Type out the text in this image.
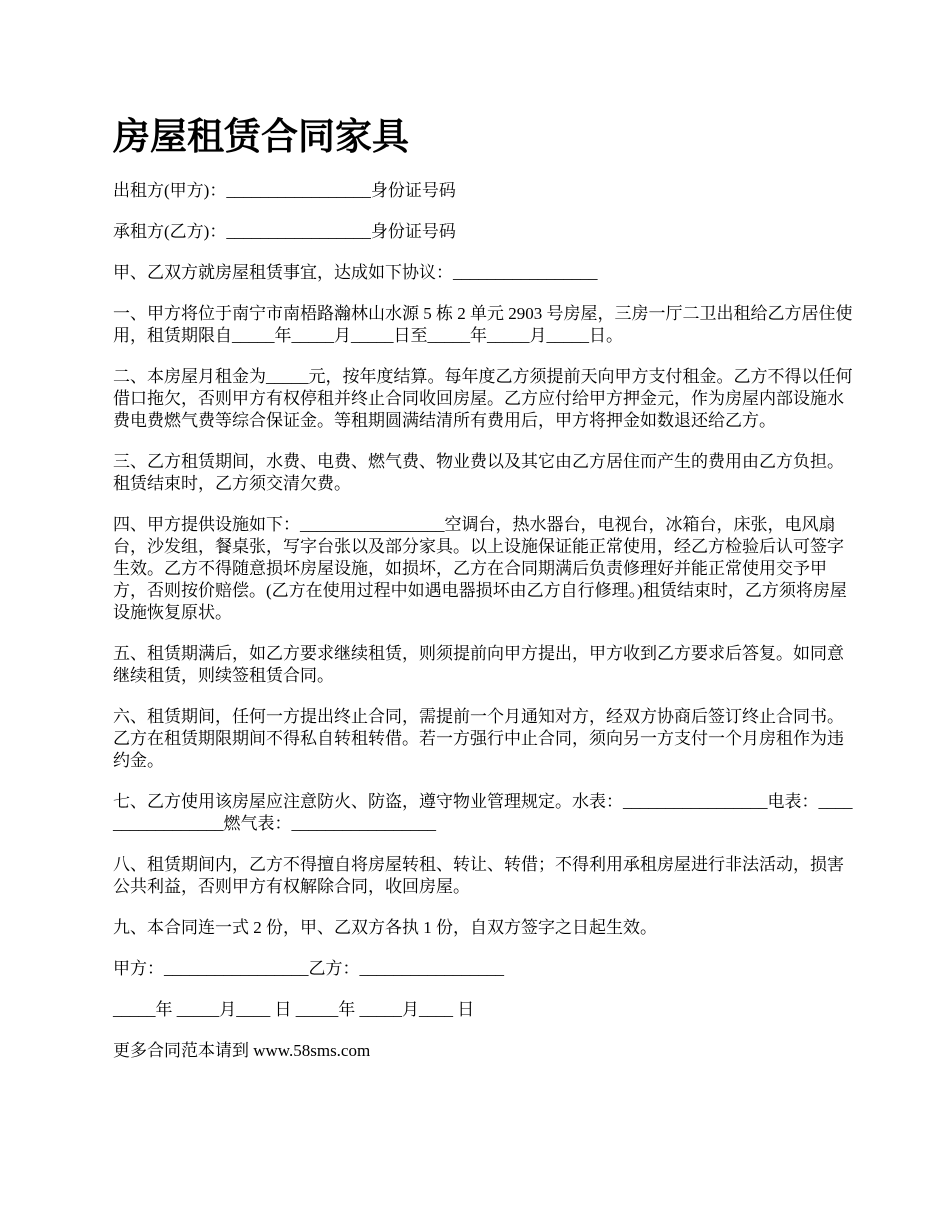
房屋租赁合同家具

出租方(甲方)：_________________身份证号码

承租方(乙方)：_________________身份证号码

甲、乙双方就房屋租赁事宜，达成如下协议：_________________

一、甲方将位于南宁市南梧路瀚林山水源 5 栋 2 单元 2903 号房屋，三房一厅二卫出租给乙方居住使用，租赁期限自_____年_____月_____日至_____年_____月_____日。

二、本房屋月租金为_____元，按年度结算。每年度乙方须提前天向甲方支付租金。乙方不得以任何借口拖欠，否则甲方有权停租并终止合同收回房屋。乙方应付给甲方押金元，作为房屋内部设施水费电费燃气费等综合保证金。等租期圆满结清所有费用后，甲方将押金如数退还给乙方。

三、乙方租赁期间，水费、电费、燃气费、物业费以及其它由乙方居住而产生的费用由乙方负担。租赁结束时，乙方须交清欠费。

四、甲方提供设施如下：_________________空调台，热水器台，电视台，冰箱台，床张，电风扇台，沙发组，餐桌张，写字台张以及部分家具。以上设施保证能正常使用，经乙方检验后认可签字生效。乙方不得随意损坏房屋设施，如损坏，乙方在合同期满后负责修理好并能正常使用交予甲方，否则按价赔偿。(乙方在使用过程中如遇电器损坏由乙方自行修理。)租赁结束时，乙方须将房屋设施恢复原状。

五、租赁期满后，如乙方要求继续租赁，则须提前向甲方提出，甲方收到乙方要求后答复。如同意继续租赁，则续签租赁合同。

六、租赁期间，任何一方提出终止合同，需提前一个月通知对方，经双方协商后签订终止合同书。乙方在租赁期限期间不得私自转租转借。若一方强行中止合同，须向另一方支付一个月房租作为违约金。

七、乙方使用该房屋应注意防火、防盗，遵守物业管理规定。水表：_________________电表：_________________燃气表：_________________

八、租赁期间内，乙方不得擅自将房屋转租、转让、转借；不得利用承租房屋进行非法活动，损害公共利益，否则甲方有权解除合同，收回房屋。

九、本合同连一式 2 份，甲、乙双方各执 1 份，自双方签字之日起生效。

甲方：_________________乙方：_________________

_____年 _____月____ 日 _____年 _____月____ 日

更多合同范本请到 www.58sms.com
